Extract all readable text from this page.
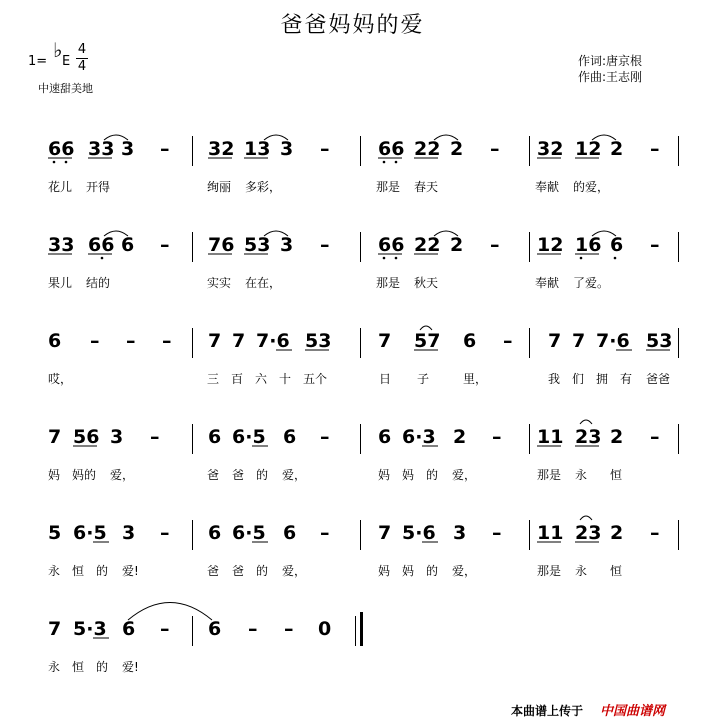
爸爸妈妈的爱
1= ♭ E
4
4
中速甜美地
作词:唐京根
作曲:王志刚
66 33 3 – 32 13 3 –	66 22 2 – 32 12 2 –
花儿 开得	绚丽 多彩，	那是 春天	奉献 的爱，
33 66 6 – 76 53 3 –	66 22 2 – 12 16 6 –
果儿 结的	实实 在在，	那是 秋天	奉献 了爱。
6 – – – 7 7 7·6 53 7 57 6 – 7 7 7·6 53
哎，	三 百 六 十 五个	日 子	里，	我 们 拥 有 爸爸
7 56 3 –	6 6·5 6 –	6 6·3 2 – 11 23 2 –
妈 妈的 爱，	爸 爸 的 爱，	妈 妈 的 爱，	那是 永 恒
5 6·5 3 – 6 6·5 6 –	7 5·6 3 – 11 23 2 –
永 恒 的 爱!	爸 爸 的 爱，	妈 妈 的 爱，	那是 永 恒
7 5·3 6 – 6 – – 0
永 恒 的 爱!
本曲谱上传于 中国曲谱网
